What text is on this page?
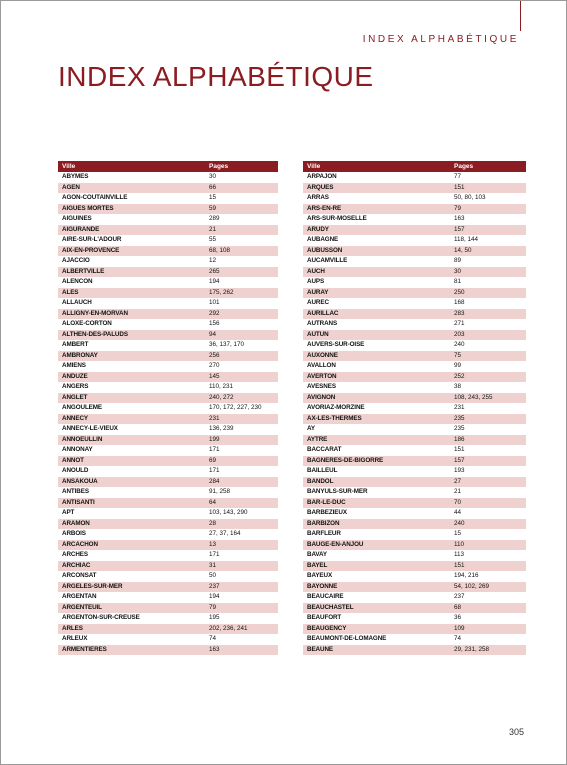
INDEX ALPHABÉTIQUE
INDEX ALPHABÉTIQUE
Ville	Pages
ABYMES	30
AGEN	66
AGON-COUTAINVILLE	15
AIGUES MORTES	59
AIGUINES	289
AIGURANDE	21
AIRE-SUR-L'ADOUR	55
AIX-EN-PROVENCE	68, 108
AJACCIO	12
ALBERTVILLE	265
ALENCON	194
ALES	175, 262
ALLAUCH	101
ALLIGNY-EN-MORVAN	292
ALOXE-CORTON	156
ALTHEN-DES-PALUDS	94
AMBERT	36, 137, 170
AMBRONAY	256
AMIENS	270
ANDUZE	145
ANGERS	110, 231
ANGLET	240, 272
ANGOULEME	170, 172, 227, 230
ANNECY	231
ANNECY-LE-VIEUX	136, 239
ANNOEULLIN	199
ANNONAY	171
ANNOT	69
ANOULD	171
ANSAKOUA	284
ANTIBES	91, 258
ANTISANTI	64
APT	103, 143, 290
ARAMON	28
ARBOIS	27, 37, 164
ARCACHON	13
ARCHES	171
ARCHIAC	31
ARCONSAT	50
ARGELES-SUR-MER	237
ARGENTAN	194
ARGENTEUIL	79
ARGENTON-SUR-CREUSE	195
ARLES	202, 236, 241
ARLEUX	74
ARMENTIERES	163
Ville	Pages
ARPAJON	77
ARQUES	151
ARRAS	50, 80, 103
ARS-EN-RE	79
ARS-SUR-MOSELLE	163
ARUDY	157
AUBAGNE	118, 144
AUBUSSON	14, 50
AUCAMVILLE	89
AUCH	30
AUPS	81
AURAY	250
AUREC	168
AURILLAC	283
AUTRANS	271
AUTUN	203
AUVERS-SUR-OISE	240
AUXONNE	75
AVALLON	99
AVERTON	252
AVESNES	38
AVIGNON	108, 243, 255
AVORIAZ-MORZINE	231
AX-LES-THERMES	235
AY	235
AYTRE	186
BACCARAT	151
BAGNERES-DE-BIGORRE	157
BAILLEUL	193
BANDOL	27
BANYULS-SUR-MER	21
BAR-LE-DUC	70
BARBEZIEUX	44
BARBIZON	240
BARFLEUR	15
BAUGE-EN-ANJOU	110
BAVAY	113
BAYEL	151
BAYEUX	194, 216
BAYONNE	54, 102, 269
BEAUCAIRE	237
BEAUCHASTEL	68
BEAUFORT	36
BEAUGENCY	109
BEAUMONT-DE-LOMAGNE	74
BEAUNE	29, 231, 258
305
